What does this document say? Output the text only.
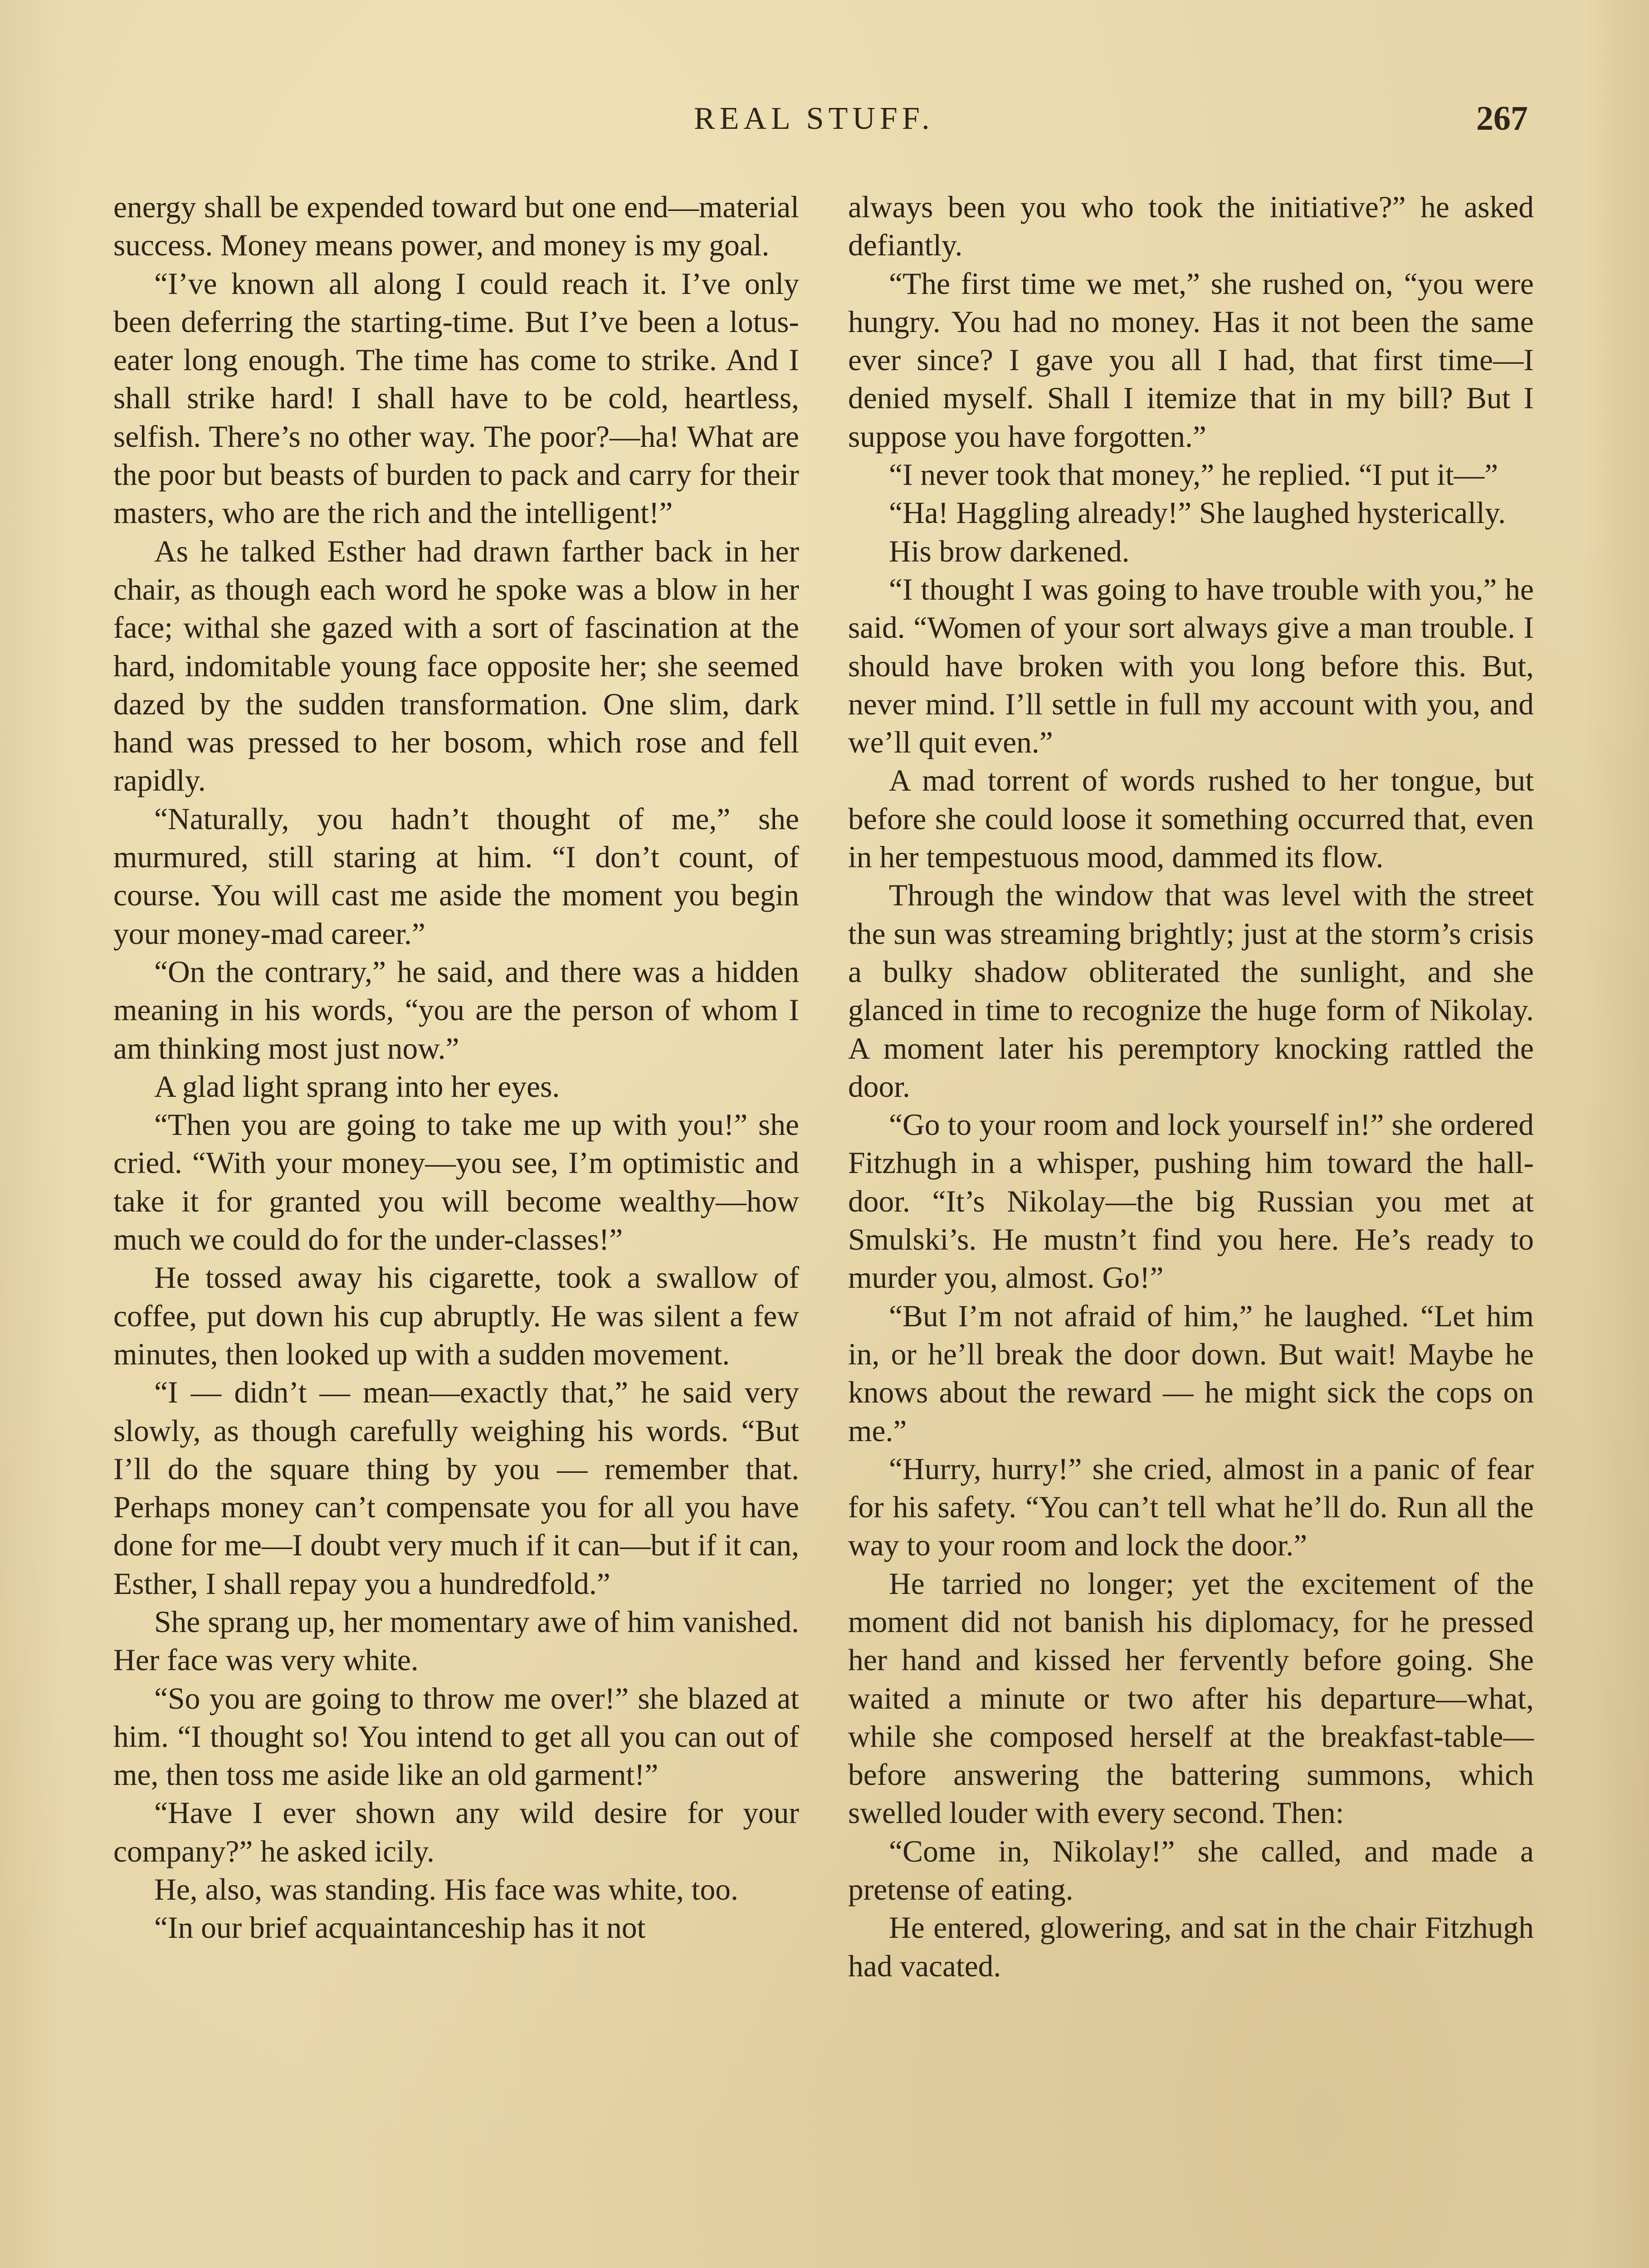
REAL STUFF.	267

energy shall be expended toward but one end—material success. Money means power, and money is my goal.

“I’ve known all along I could reach it. I’ve only been deferring the starting-time. But I’ve been a lotus-eater long enough. The time has come to strike. And I shall strike hard! I shall have to be cold, heartless, selfish. There’s no other way. The poor?—ha! What are the poor but beasts of burden to pack and carry for their masters, who are the rich and the intelligent!”

As he talked Esther had drawn farther back in her chair, as though each word he spoke was a blow in her face; withal she gazed with a sort of fascination at the hard, indomitable young face opposite her; she seemed dazed by the sudden transformation. One slim, dark hand was pressed to her bosom, which rose and fell rapidly.

“Naturally, you hadn’t thought of me,” she murmured, still staring at him. “I don’t count, of course. You will cast me aside the moment you begin your money-mad career.”

“On the contrary,” he said, and there was a hidden meaning in his words, “you are the person of whom I am thinking most just now.”

A glad light sprang into her eyes.

“Then you are going to take me up with you!” she cried. “With your money—you see, I’m optimistic and take it for granted you will become wealthy—how much we could do for the under-classes!”

He tossed away his cigarette, took a swallow of coffee, put down his cup abruptly. He was silent a few minutes, then looked up with a sudden movement.

“I — didn’t — mean—exactly that,” he said very slowly, as though carefully weighing his words. “But I’ll do the square thing by you — remember that. Perhaps money can’t compensate you for all you have done for me—I doubt very much if it can—but if it can, Esther, I shall repay you a hundredfold.”

She sprang up, her momentary awe of him vanished. Her face was very white.

“So you are going to throw me over!” she blazed at him. “I thought so! You intend to get all you can out of me, then toss me aside like an old garment!”

“Have I ever shown any wild desire for your company?” he asked icily.

He, also, was standing. His face was white, too.

“In our brief acquaintanceship has it not

always been you who took the initiative?” he asked defiantly.

“The first time we met,” she rushed on, “you were hungry. You had no money. Has it not been the same ever since? I gave you all I had, that first time—I denied myself. Shall I itemize that in my bill? But I suppose you have forgotten.”

“I never took that money,” he replied. “I put it—”

“Ha! Haggling already!” She laughed hysterically.

His brow darkened.

“I thought I was going to have trouble with you,” he said. “Women of your sort always give a man trouble. I should have broken with you long before this. But, never mind. I’ll settle in full my account with you, and we’ll quit even.”

A mad torrent of words rushed to her tongue, but before she could loose it something occurred that, even in her tempestuous mood, dammed its flow.

Through the window that was level with the street the sun was streaming brightly; just at the storm’s crisis a bulky shadow obliterated the sunlight, and she glanced in time to recognize the huge form of Nikolay. A moment later his peremptory knocking rattled the door.

“Go to your room and lock yourself in!” she ordered Fitzhugh in a whisper, pushing him toward the hall-door. “It’s Nikolay—the big Russian you met at Smulski’s. He mustn’t find you here. He’s ready to murder you, almost. Go!”

“But I’m not afraid of him,” he laughed. “Let him in, or he’ll break the door down. But wait! Maybe he knows about the reward — he might sick the cops on me.”

“Hurry, hurry!” she cried, almost in a panic of fear for his safety. “You can’t tell what he’ll do. Run all the way to your room and lock the door.”

He tarried no longer; yet the excitement of the moment did not banish his diplomacy, for he pressed her hand and kissed her fervently before going. She waited a minute or two after his departure—what, while she composed herself at the breakfast-table—before answering the battering summons, which swelled louder with every second. Then:

“Come in, Nikolay!” she called, and made a pretense of eating.

He entered, glowering, and sat in the chair Fitzhugh had vacated.
